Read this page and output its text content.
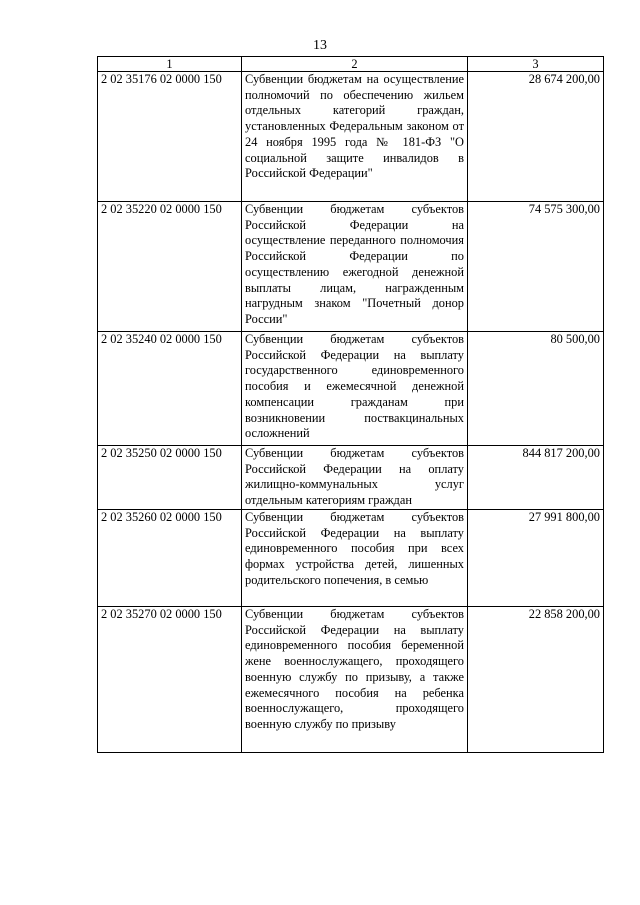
13
1	2	3
2 02 35176 02 0000 150	Субвенции бюджетам на осуществление полномочий по обеспечению жильем отдельных категорий граждан, установленных Федеральным законом от 24 ноября 1995 года № 181-ФЗ "О социальной защите инвалидов в Российской Федерации"	28 674 200,00
2 02 35220 02 0000 150	Субвенции бюджетам субъектов Российской Федерации на осуществление переданного полномочия Российской Федерации по осуществлению ежегодной денежной выплаты лицам, награжденным нагрудным знаком "Почетный донор России"	74 575 300,00
2 02 35240 02 0000 150	Субвенции бюджетам субъектов Российской Федерации на выплату государственного единовременного пособия и ежемесячной денежной компенсации гражданам при возникновении поствакцинальных осложнений	80 500,00
2 02 35250 02 0000 150	Субвенции бюджетам субъектов Российской Федерации на оплату жилищно-коммунальных услуг отдельным категориям граждан	844 817 200,00
2 02 35260 02 0000 150	Субвенции бюджетам субъектов Российской Федерации на выплату единовременного пособия при всех формах устройства детей, лишенных родительского попечения, в семью	27 991 800,00
2 02 35270 02 0000 150	Субвенции бюджетам субъектов Российской Федерации на выплату единовременного пособия беременной жене военнослужащего, проходящего военную службу по призыву, а также ежемесячного пособия на ребенка военнослужащего, проходящего военную службу по призыву	22 858 200,00
